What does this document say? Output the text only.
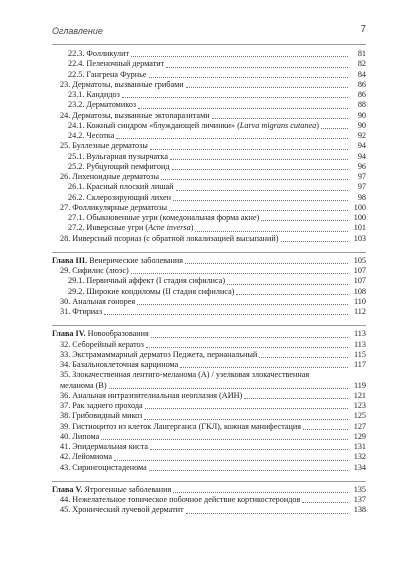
Оглавление	7
22.3. Фолликулит	81
22.4. Пеленочный дерматит	82
22.5. Гангрена Фурнье	84
23. Дерматозы, вызванные грибами	86
23.1. Кандидоз	86
23.2. Дерматомикоз	88
24. Дерматозы, вызванные эктопаразитами	90
24.1. Кожный синдром «блуждающей личинки» (Larva migrans cutanea)	90
24.2. Чесотка	92
25. Буллезные дерматозы	94
25.1. Вульгарная пузырчатка	94
25.2. Рубцующий пемфигоид	96
26. Лихеноидные дерматозы	97
26.1. Красный плоский лишай	97
26.2. Склерозирующий лихен	98
27. Фолликулярные дерматозы	100
27.1. Обыкновенные угри (комедональная форма акне)	100
27.2. Инверсные угри (Acne inversa)	101
28. Инверсный псориаз (с обратной локализацией высыпаний)	103
Глава III. Венерические заболевания	105
29. Сифилис (люэс)	107
29.1. Первичный аффект (I стадия сифилиса)	107
29.2. Широкие кондиломы (II стадия сифилиса)	108
30. Анальная гонорея	110
31. Фтириаз	112
Глава IV. Новообразования	113
32. Себорейный кератоз	113
33. Экстрамаммарный дерматоз Педжета, перианальный	115
34. Базальноклеточная карцинома	117
35. Злокачественная лентиго-меланома (А) / узелковая злокачественная
меланома (В)	119
36. Анальная интраэпителиальная неоплазия (АИН)	121
37. Рак заднего прохода	123
38. Грибовидный микоз	125
39. Гистиоцитоз из клеток Лангерганса (ГКЛ), кожная манифестация	127
40. Липома	129
41. Эпидермальная киста	131
42. Лейомиома	132
43. Сирингоцистаденома	134
Глава V. Ятрогенные заболевания	135
44. Нежелательное топическое побочное действие кортикостероидов	137
45. Хронический лучевой дерматит	138
